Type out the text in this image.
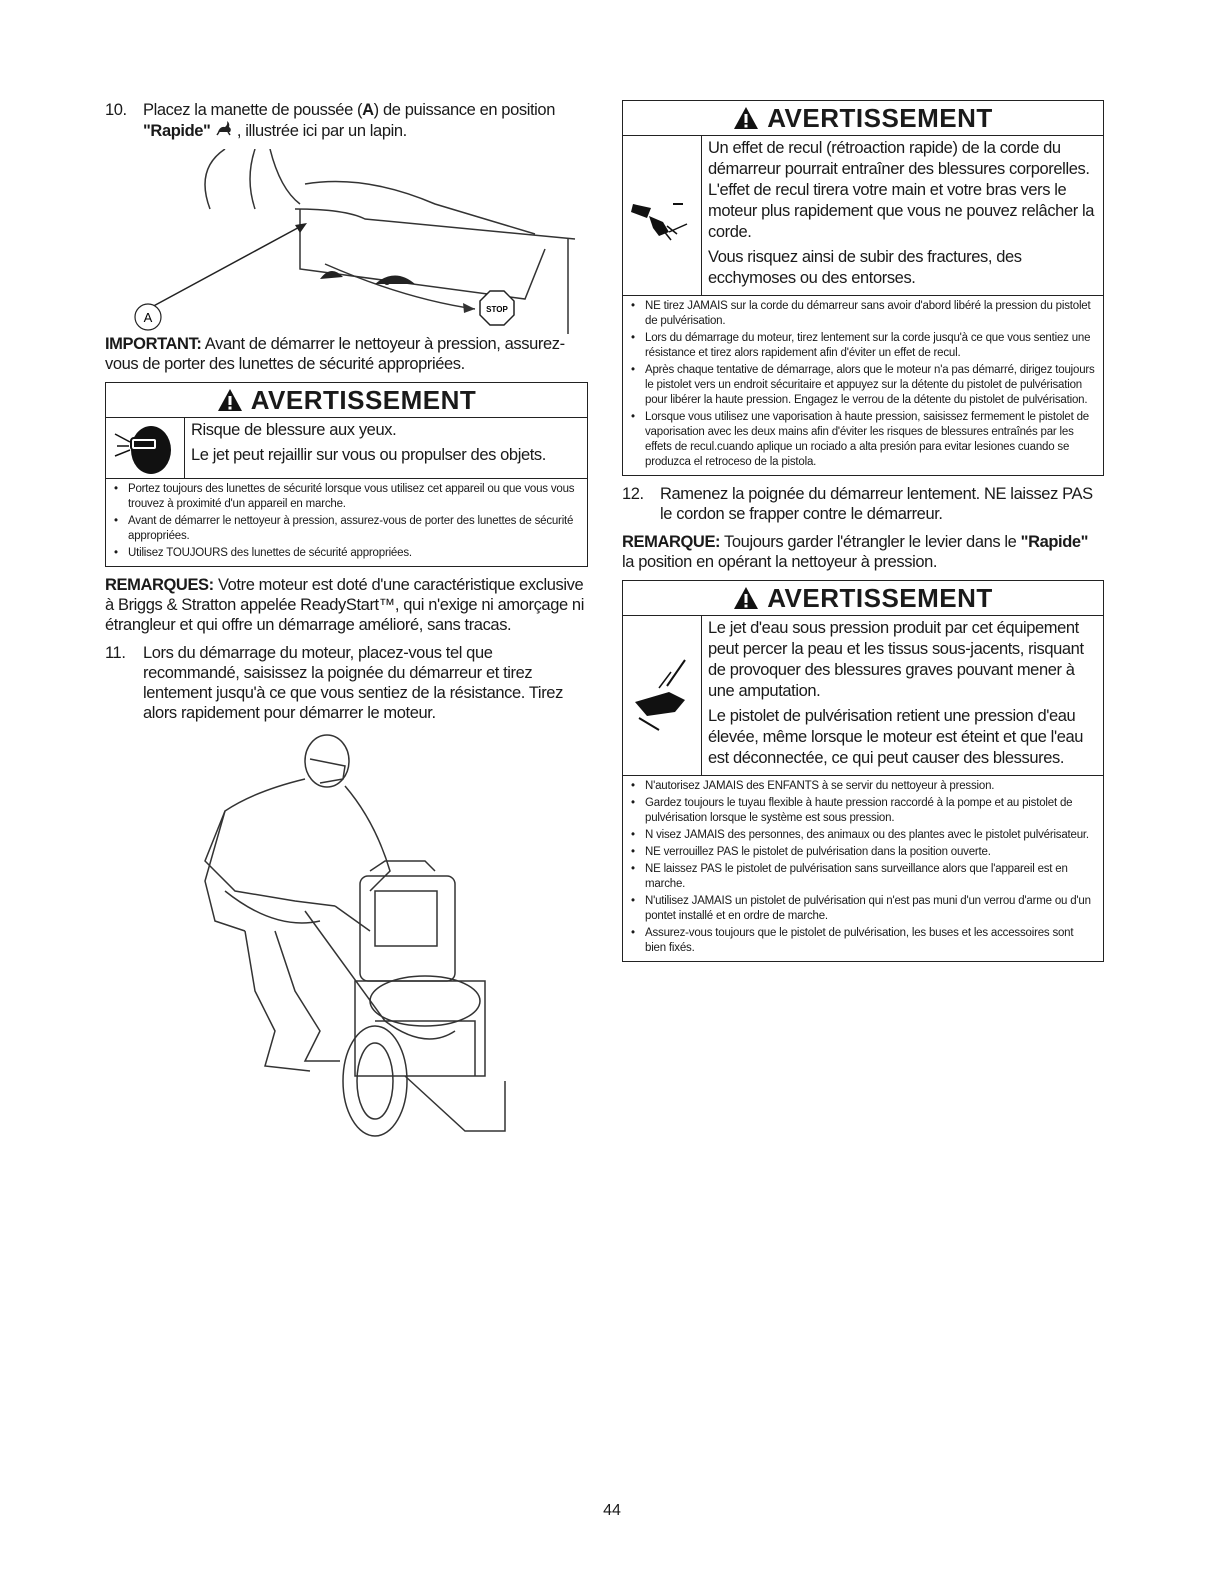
10. Placez la manette de poussée (A) de puissance en position
"Rapide" , illustrée ici par un lapin.
STOP
A
IMPORTANT: Avant de démarrer le nettoyeur à pression, assurez-vous de porter des lunettes de sécurité appropriées.
AVERTISSEMENT

Risque de blessure aux yeux.

Le jet peut rejaillir sur vous ou propulser des objets.

• Portez toujours des lunettes de sécurité lorsque vous utilisez cet appareil ou que vous vous trouvez à proximité d'un appareil en marche.
• Avant de démarrer le nettoyeur à pression, assurez-vous de porter des lunettes de sécurité appropriées.
• Utilisez TOUJOURS des lunettes de sécurité appropriées.
REMARQUES: Votre moteur est doté d'une caractéristique exclusive à Briggs & Stratton appelée ReadyStart™, qui n'exige ni amorçage ni étrangleur et qui offre un démarrage amélioré, sans tracas.
11. Lors du démarrage du moteur, placez-vous tel que recommandé, saisissez la poignée du démarreur et tirez lentement jusqu'à ce que vous sentiez de la résistance. Tirez alors rapidement pour démarrer le moteur.
AVERTISSEMENT

Un effet de recul (rétroaction rapide) de la corde du démarreur pourrait entraîner des blessures corporelles. L'effet de recul tirera votre main et votre bras vers le moteur plus rapidement que vous ne pouvez relâcher la corde.

Vous risquez ainsi de subir des fractures, des ecchymoses ou des entorses.

• NE tirez JAMAIS sur la corde du démarreur sans avoir d'abord libéré la pression du pistolet de pulvérisation.
• Lors du démarrage du moteur, tirez lentement sur la corde jusqu'à ce que vous sentiez une résistance et tirez alors rapidement afin d'éviter un effet de recul.
• Après chaque tentative de démarrage, alors que le moteur n'a pas démarré, dirigez toujours le pistolet vers un endroit sécuritaire et appuyez sur la détente du pistolet de pulvérisation pour libérer la haute pression. Engagez le verrou de la détente du pistolet de pulvérisation.
• Lorsque vous utilisez une vaporisation à haute pression, saisissez fermement le pistolet de vaporisation avec les deux mains afin d'éviter les risques de blessures entraînés par les effets de recul.cuando aplique un rociado a alta presión para evitar lesiones cuando se produzca el retroceso de la pistola.
12. Ramenez la poignée du démarreur lentement. NE laissez PAS le cordon se frapper contre le démarreur.
REMARQUE: Toujours garder l'étrangler le levier dans le "Rapide" la position en opérant la nettoyeur à pression.
AVERTISSEMENT

Le jet d'eau sous pression produit par cet équipement peut percer la peau et les tissus sous-jacents, risquant de provoquer des blessures graves pouvant mener à une amputation.

Le pistolet de pulvérisation retient une pression d'eau élevée, même lorsque le moteur est éteint et que l'eau est déconnectée, ce qui peut causer des blessures.

• N'autorisez JAMAIS des ENFANTS à se servir du nettoyeur à pression.
• Gardez toujours le tuyau flexible à haute pression raccordé à la pompe et au pistolet de pulvérisation lorsque le système est sous pression.
• N visez JAMAIS des personnes, des animaux ou des plantes avec le pistolet pulvérisateur.
• NE verrouillez PAS le pistolet de pulvérisation dans la position ouverte.
• NE laissez PAS le pistolet de pulvérisation sans surveillance alors que l'appareil est en marche.
• N'utilisez JAMAIS un pistolet de pulvérisation qui n'est pas muni d'un verrou d'arme ou d'un pontet installé et en ordre de marche.
• Assurez-vous toujours que le pistolet de pulvérisation, les buses et les accessoires sont bien fixés.
44
